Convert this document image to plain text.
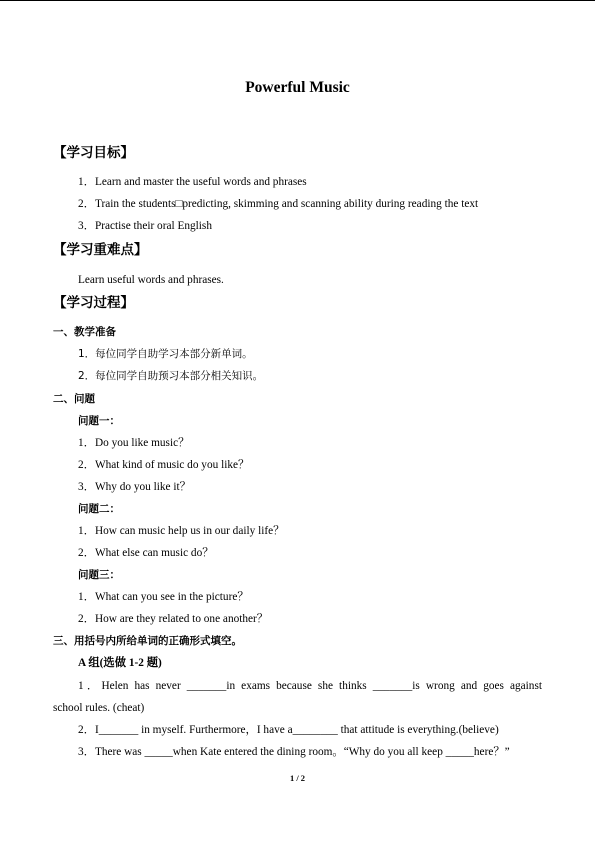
Powerful Music
【学习目标】
1．Learn and master the useful words and phrases
2．Train the students□predicting, skimming and scanning ability during reading the text
3．Practise their oral English
【学习重难点】
Learn useful words and phrases.
【学习过程】
一、教学准备
1．每位同学自助学习本部分新单词。
2．每位同学自助预习本部分相关知识。
二、问题
问题一：
1．Do you like music？
2．What kind of music do you like？
3．Why do you like it？
问题二：
1．How can music help us in our daily life？
2．What else can music do？
问题三：
1．What can you see in the picture？
2．How are they related to one another？
三、用括号内所给单词的正确形式填空。
A 组(选做 1-2 题)
1．Helen has never _______in exams because she thinks _______is wrong and goes against
school rules. (cheat)
2．I_______ in myself. Furthermore，I have a________ that attitude is everything.(believe)
3．There was _____when Kate entered the dining room。“Why do you all keep _____here？”
1 / 2
